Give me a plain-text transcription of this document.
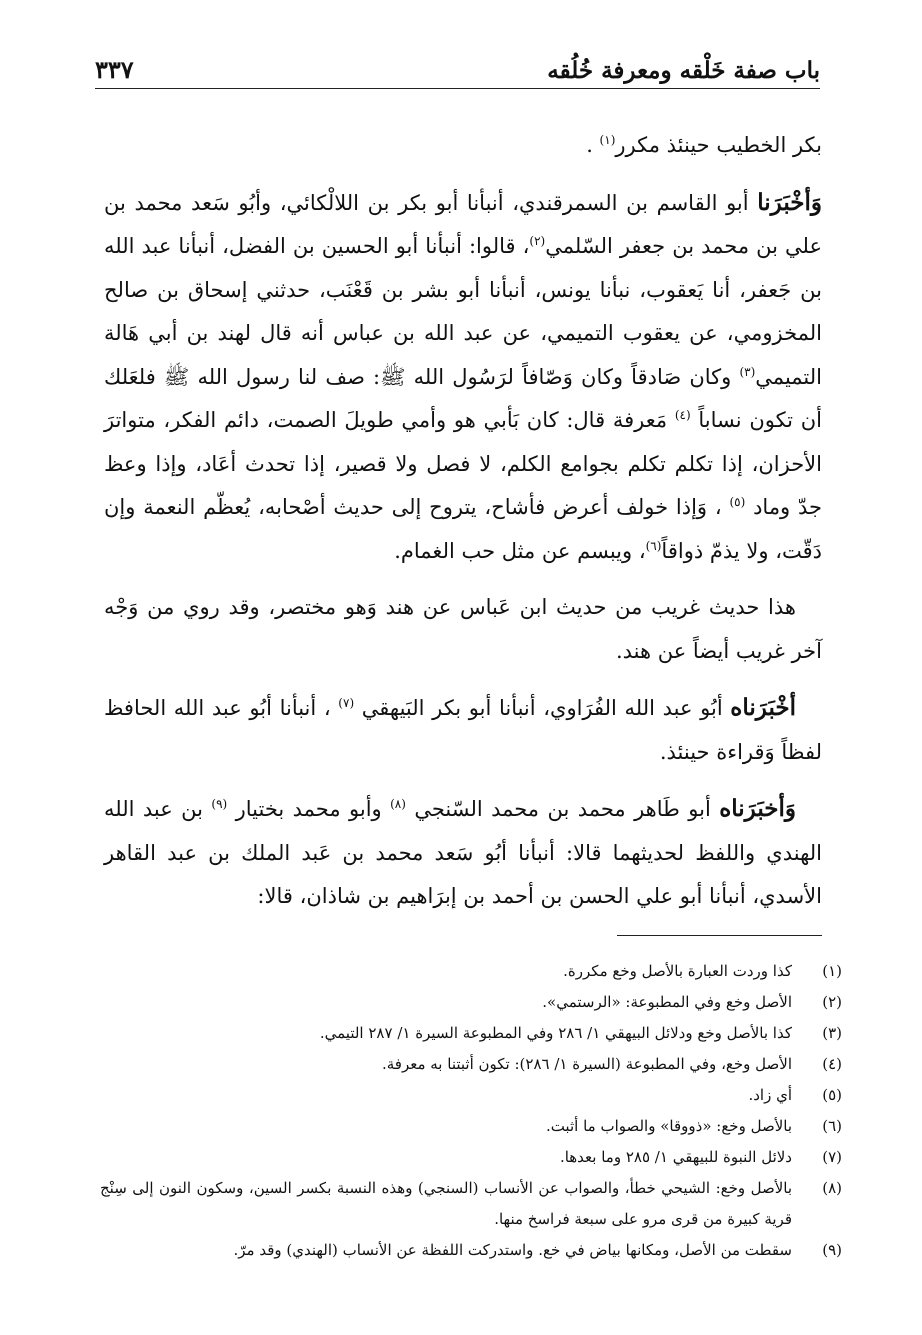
باب صفة خَلْقه ومعرفة خُلُقه
٣٣٧

بكر الخطيب حينئذ مكرر$^{(١)}$ .

وَأخْبَرَنا أبو القاسم بن السمرقندي، أنبأنا أبو بكر بن اللالْكائي، وأبُو سَعد محمد بن علي بن محمد بن جعفر السّلمي$^{(٢)}$، قالوا: أنبأنا أبو الحسين بن الفضل، أنبأنا عبد الله بن جَعفر، أنا يَعقوب، نبأنا يونس، أنبأنا أبو بشر بن قَعْنَب، حدثني إسحاق بن صالح المخزومي، عن يعقوب التميمي، عن عبد الله بن عباس أنه قال لهند بن أبي هَالة التميمي$^{(٣)}$ وكان صَادقاً وكان وَصّافاً لرَسُول الله ﷺ: صف لنا رسول الله ﷺ فلعَلك أن تكون نساباً $^{(٤)}$ مَعرفة قال: كان بَأبي هو وأمي طويلَ الصمت، دائم الفكر، متواترَ الأحزان، إذا تكلم تكلم بجوامع الكلم، لا فصل ولا قصير، إذا تحدث أعَاد، وإذا وعظ جدّ وماد $^{(٥)}$ ، وَإذا خولف أعرض فأشاح، يتروح إلى حديث أصْحابه، يُعظّم النعمة وإن دَقّت، ولا يذمّ ذواقاً$^{(٦)}$، ويبسم عن مثل حب الغمام.

هذا حديث غريب من حديث ابن عَباس عن هند وَهو مختصر، وقد روي من وَجْه آخر غريب أيضاً عن هند.

أخْبَرَناه أبُو عبد الله الفُرَاوي، أنبأنا أبو بكر البَيهقي $^{(٧)}$ ، أنبأنا أبُو عبد الله الحافظ لفظاً وَقراءة حينئذ.

وَأخبَرَناه أبو طَاهر محمد بن محمد السّنجي $^{(٨)}$ وأبو محمد بختيار $^{(٩)}$ بن عبد الله الهندي واللفظ لحديثهما قالا: أنبأنا أبُو سَعد محمد بن عَبد الملك بن عبد القاهر الأسدي، أنبأنا أبو علي الحسن بن أحمد بن إبرَاهيم بن شاذان، قالا:

(١)
كذا وردت العبارة بالأصل وخع مكررة.
(٢)
الأصل وخع وفي المطبوعة: «الرستمي».
(٣)
كذا بالأصل وخع ودلائل البيهقي ١/ ٢٨٦ وفي المطبوعة السيرة ١/ ٢٨٧ التيمي.
(٤)
الأصل وخع، وفي المطبوعة (السيرة ١/ ٢٨٦): تكون أثبتنا به معرفة.
(٥)
أي زاد.
(٦)
بالأصل وخع: «ذووقا» والصواب ما أثبت.
(٧)
دلائل النبوة للبيهقي ١/ ٢٨٥ وما بعدها.
(٨)
بالأصل وخع: الشيحي خطأ، والصواب عن الأنساب (السنجي) وهذه النسبة بكسر السين، وسكون النون إلى سِنْج قرية كبيرة من قرى مرو على سبعة فراسخ منها.
(٩)
سقطت من الأصل، ومكانها بياض في خع. واستدركت اللفظة عن الأنساب (الهندي) وقد مرّ.
